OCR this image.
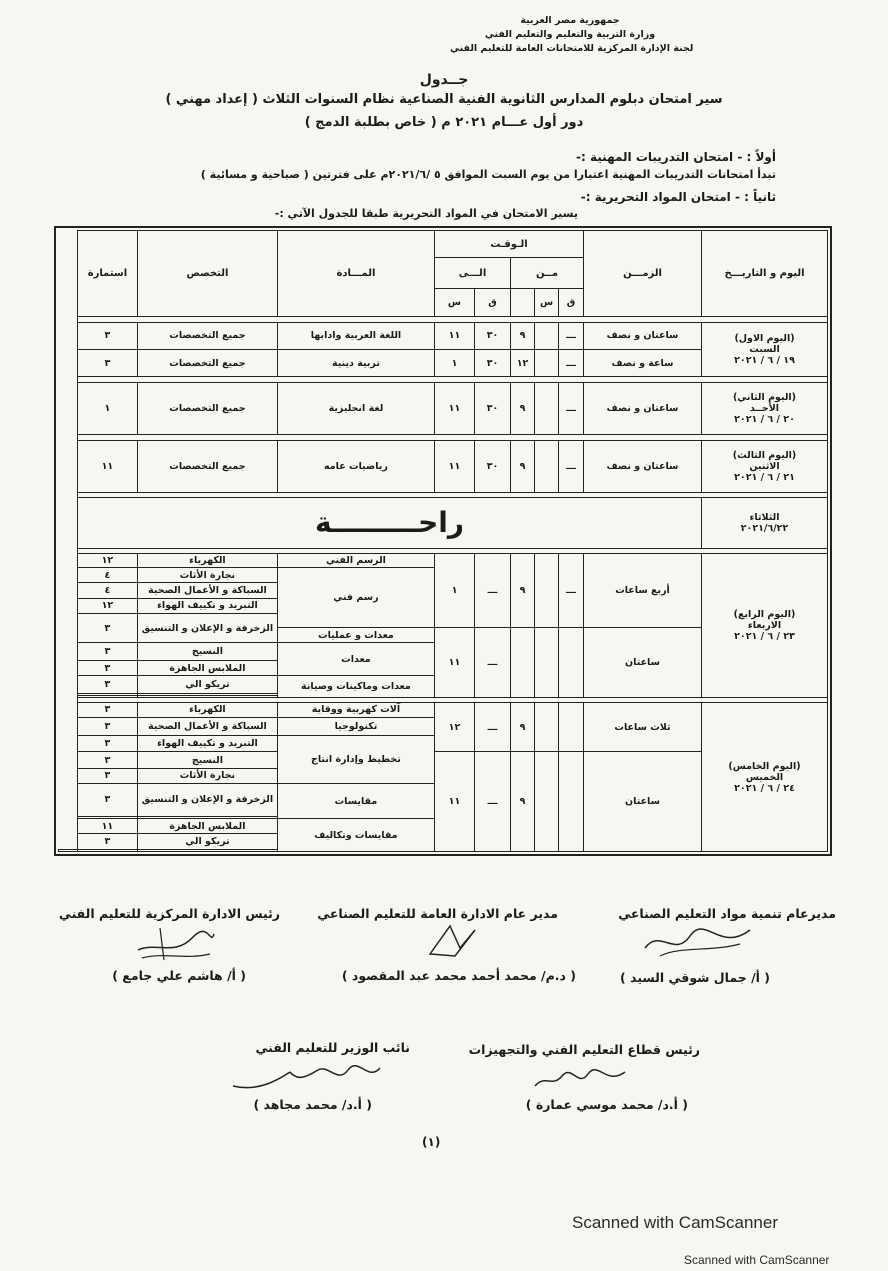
جمهورية مصر العربية
وزارة التربية والتعليم والتعليم الفني
لجنة الإدارة المركزية للامتحانات العامة للتعليم الفني
جــدول
سير امتحان دبلوم المدارس الثانوية الفنية الصناعية نظام السنوات الثلاث ( إعداد مهني )
دور أول عـــام ٢٠٢١ م ( خاص بطلبة الدمج )
أولاً : - امتحان التدريبات المهنية :-
تبدأ امتحانات التدريبات المهنية اعتبارا من يوم السبت الموافق ٥ /٢٠٢١/٦م على فترتين ( صباحية و مسائية )
ثانياً : - امتحان المواد التحريرية :-
يسير الامتحان في المواد التحريرية طبقا للجدول الآتي :-
اليوم و التاريـــخ	الزمـــن	الـوقـت					المـــادة	التخصص	استمارة	
		مــن			الـــى					
		ق	س		ق	س				

(اليوم الاول)
السبت
١٩ / ٦ / ٢٠٢١	ساعتان و نصف	ـــ		٩	٣٠	١١	اللغة العربية وادابها	جميع التخصصات	٣	
	ساعة و نصف	ـــ		١٢	٣٠	١	تربية دينية	جميع التخصصات	٣	

(اليوم الثاني)
الأحــد
٢٠ / ٦ / ٢٠٢١	ساعتان و نصف	ـــ		٩	٣٠	١١	لغة انجليزية	جميع التخصصات	١	

(اليوم الثالث)
الاثنين
٢١ / ٦ / ٢٠٢١	ساعتان و نصف	ـــ		٩	٣٠	١١	رياضيات عامه	جميع التخصصات	١١	

الثلاثاء
٢٠٢١/٦/٢٢	راحـــــــــة									

(اليوم الرابع)
الاربعاء
٢٣ / ٦ / ٢٠٢١	أربع ساعات	ـــ		٩	ـــ	١	الرسم الفني	الكهرباء	١٢	
							رسم فني	نجارة الأثاث	٤	
								السباكة و الأعمال الصحية	٤	
								التبريد و تكييف الهواء	١٢	
								الزخرفة و الإعلان و التنسيق	٣	
	ساعتان				ـــ	١١	معدات و عمليات			
							معدات	النسيج	٣	
								الملابس الجاهزة	٣	
							معدات وماكينات وصيانة	تريكو الي	٣	

(اليوم الخامس)
الخميس
٢٤ / ٦ / ٢٠٢١	ثلاث ساعات			٩	ـــ	١٢	آلات كهربية ووقاية	الكهرباء	٣	
							تكنولوجيا	السباكة و الأعمال الصحية	٣	
							تخطيط وإدارة انتاج	التبريد و تكييف الهواء	٣	
	ساعتان			٩	ـــ	١١		النسيج	٣	
								نجارة الأثاث	٣	
							مقايسات	الزخرفة و الإعلان و التنسيق	٣	

							مقايسات وتكاليف	الملابس الجاهزة	١١	
								تريكو الي	٣	

مديرعام تنمية مواد التعليم الصناعي
مدير عام الادارة العامة للتعليم الصناعي
رئيس الادارة المركزية للتعليم الفني
( أ/ جمال شوقي السيد )
( د.م/ محمد أحمد محمد عبد المقصود )
( أ/ هاشم علي جامع )
رئيس قطاع التعليم الفني والتجهيزات
نائب الوزير للتعليم الفني
( أ.د/ محمد موسي عمارة )
( أ.د/ محمد مجاهد )
(١)
Scanned with CamScanner
Scanned with CamScanner
